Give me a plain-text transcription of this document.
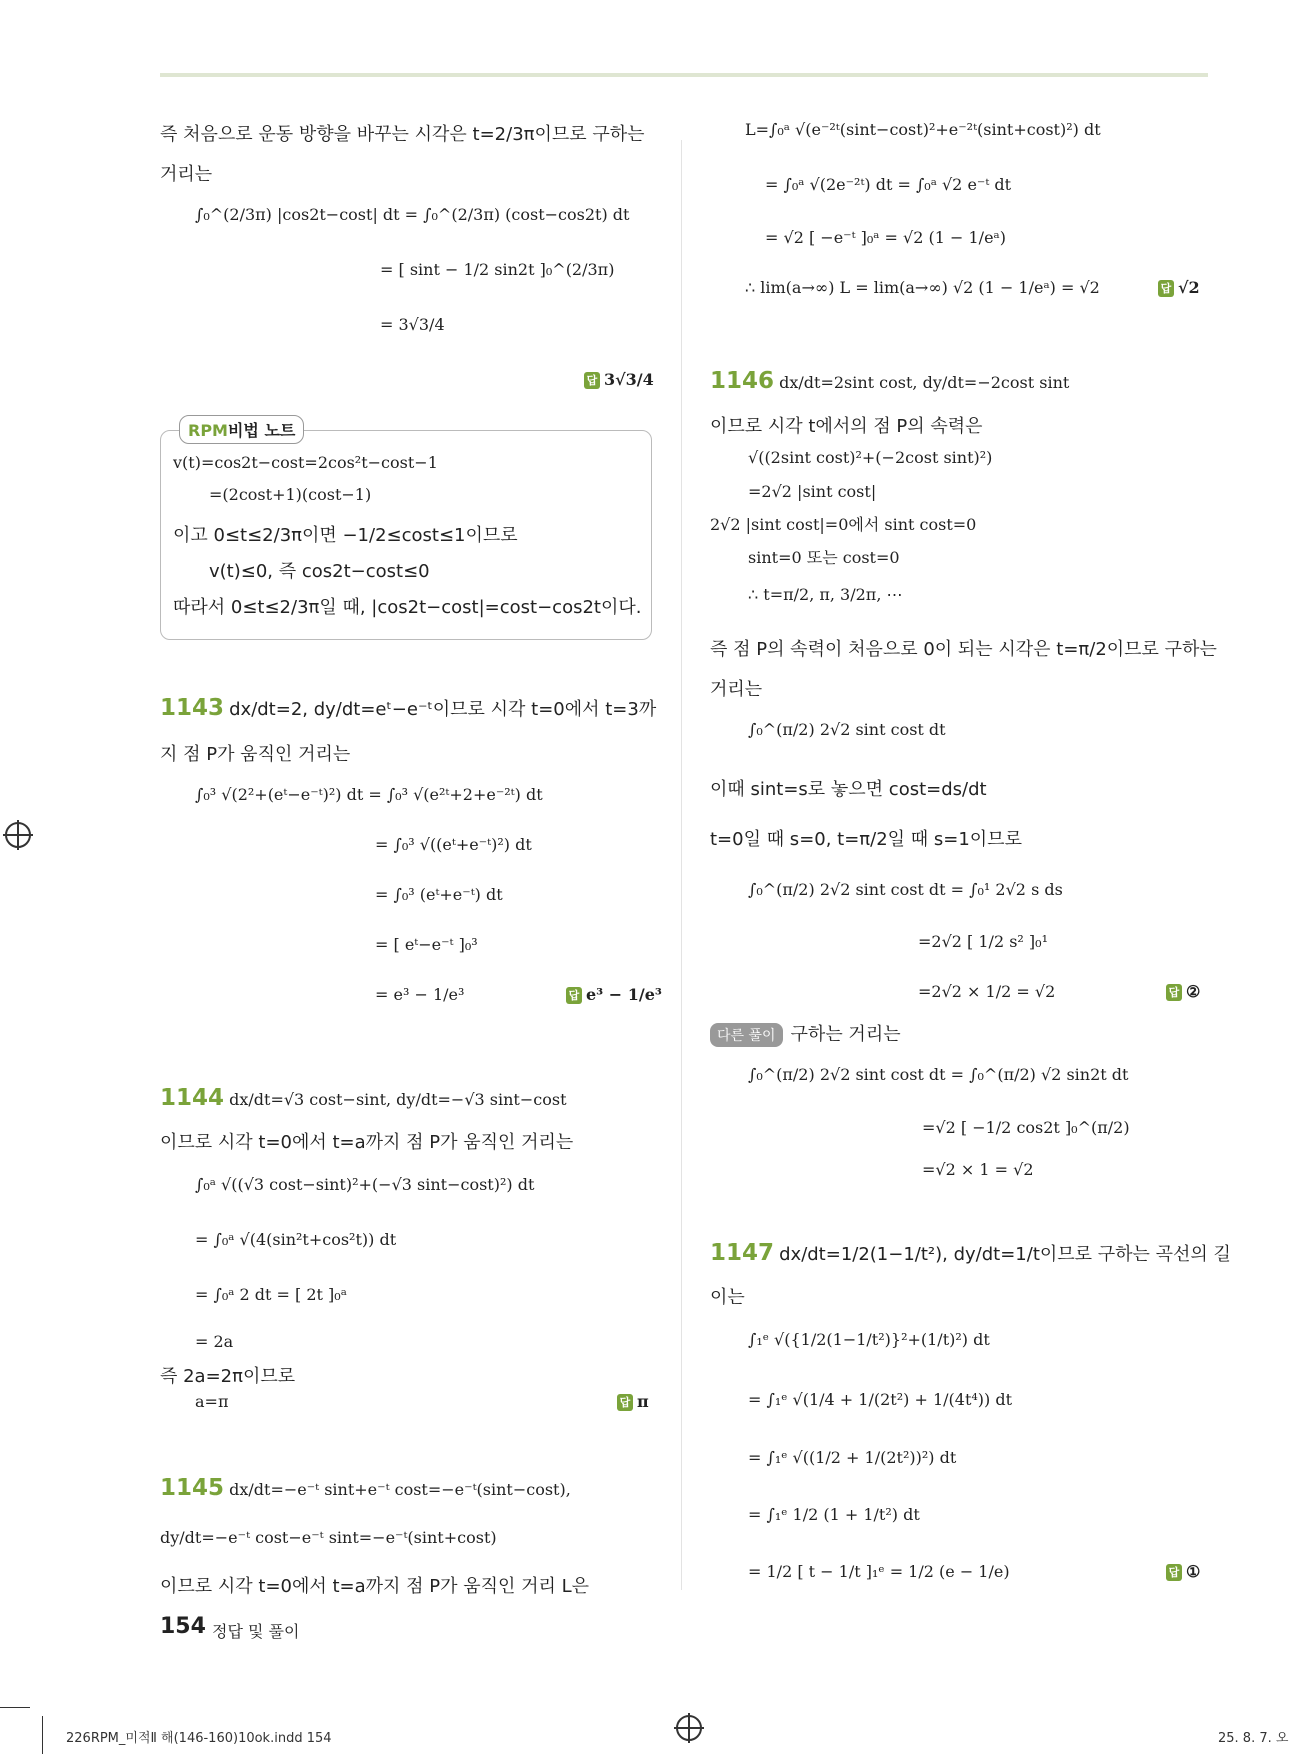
즉 처음으로 운동 방향을 바꾸는 시각은 t=2/3π이므로 구하는
거리는
∫₀^(2/3π) |cos2t−cost| dt = ∫₀^(2/3π) (cost−cos2t) dt
= [ sint − 1/2 sin2t ]₀^(2/3π)
= 3√3/4
답 3√3/4
RPM비법 노트
v(t)=cos2t−cost=2cos²t−cost−1
=(2cost+1)(cost−1)
이고 0≤t≤2/3π이면 −1/2≤cost≤1이므로
v(t)≤0, 즉 cos2t−cost≤0
따라서 0≤t≤2/3π일 때, |cos2t−cost|=cost−cos2t이다.
1143 dx/dt=2, dy/dt=eᵗ−e⁻ᵗ이므로 시각 t=0에서 t=3까
지 점 P가 움직인 거리는
∫₀³ √(2²+(eᵗ−e⁻ᵗ)²) dt = ∫₀³ √(e²ᵗ+2+e⁻²ᵗ) dt
= ∫₀³ √((eᵗ+e⁻ᵗ)²) dt
= ∫₀³ (eᵗ+e⁻ᵗ) dt
= [ eᵗ−e⁻ᵗ ]₀³
= e³ − 1/e³	답 e³ − 1/e³
1144 dx/dt=√3 cost−sint, dy/dt=−√3 sint−cost
이므로 시각 t=0에서 t=a까지 점 P가 움직인 거리는
∫₀ᵃ √((√3 cost−sint)²+(−√3 sint−cost)²) dt
= ∫₀ᵃ √(4(sin²t+cos²t)) dt
= ∫₀ᵃ 2 dt = [ 2t ]₀ᵃ
= 2a
즉 2a=2π이므로
a=π	답 π
1145 dx/dt=−e⁻ᵗ sint+e⁻ᵗ cost=−e⁻ᵗ(sint−cost),
dy/dt=−e⁻ᵗ cost−e⁻ᵗ sint=−e⁻ᵗ(sint+cost)
이므로 시각 t=0에서 t=a까지 점 P가 움직인 거리 L은
L=∫₀ᵃ √(e⁻²ᵗ(sint−cost)²+e⁻²ᵗ(sint+cost)²) dt
= ∫₀ᵃ √(2e⁻²ᵗ) dt = ∫₀ᵃ √2 e⁻ᵗ dt
= √2 [ −e⁻ᵗ ]₀ᵃ = √2 (1 − 1/eᵃ)
∴ lim(a→∞) L = lim(a→∞) √2 (1 − 1/eᵃ) = √2	답 √2
1146 dx/dt=2sint cost, dy/dt=−2cost sint
이므로 시각 t에서의 점 P의 속력은
√((2sint cost)²+(−2cost sint)²)
=2√2 |sint cost|
2√2 |sint cost|=0에서 sint cost=0
sint=0 또는 cost=0
∴ t=π/2, π, 3/2π, ⋯
즉 점 P의 속력이 처음으로 0이 되는 시각은 t=π/2이므로 구하는
거리는
∫₀^(π/2) 2√2 sint cost dt
이때 sint=s로 놓으면 cost=ds/dt
t=0일 때 s=0, t=π/2일 때 s=1이므로
∫₀^(π/2) 2√2 sint cost dt = ∫₀¹ 2√2 s ds
=2√2 [ 1/2 s² ]₀¹
=2√2 × 1/2 = √2	답 ②
다른 풀이 구하는 거리는
∫₀^(π/2) 2√2 sint cost dt = ∫₀^(π/2) √2 sin2t dt
=√2 [ −1/2 cos2t ]₀^(π/2)
=√2 × 1 = √2
1147 dx/dt=1/2(1−1/t²), dy/dt=1/t이므로 구하는 곡선의 길
이는
∫₁ᵉ √({1/2(1−1/t²)}²+(1/t)²) dt
= ∫₁ᵉ √(1/4 + 1/(2t²) + 1/(4t⁴)) dt
= ∫₁ᵉ √((1/2 + 1/(2t²))²) dt
= ∫₁ᵉ 1/2 (1 + 1/t²) dt
= 1/2 [ t − 1/t ]₁ᵉ = 1/2 (e − 1/e)	답 ①
154 정답 및 풀이
226RPM_미적Ⅱ 해(146-160)10ok.indd 154	25. 8. 7. 오
